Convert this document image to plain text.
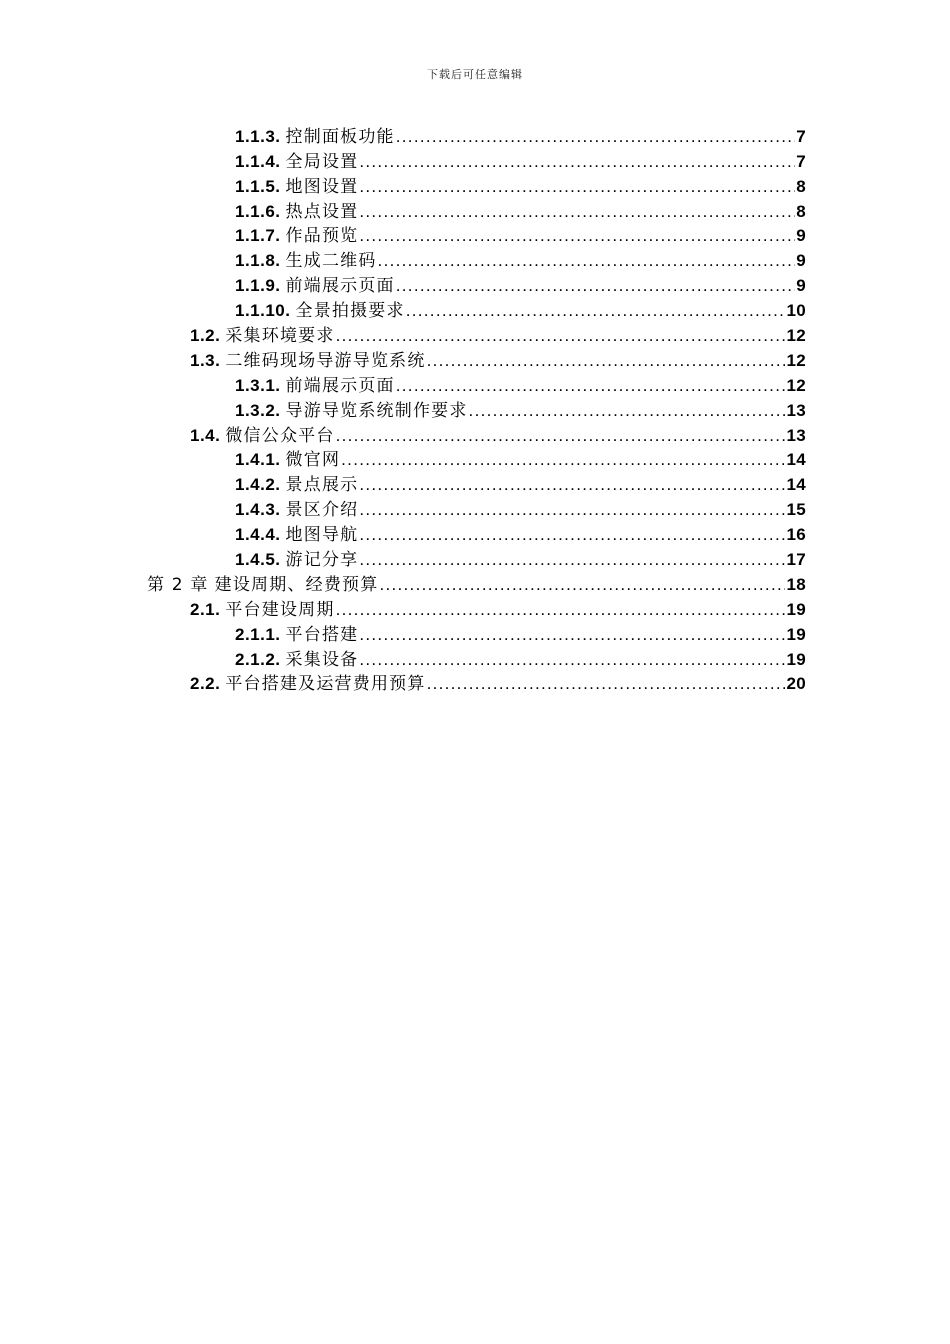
下载后可任意编辑
1.1.3. 控制面板功能 .....	7
1.1.4. 全局设置 .....	7
1.1.5. 地图设置 .....	8
1.1.6. 热点设置 .....	8
1.1.7. 作品预览 .....	9
1.1.8. 生成二维码 .....	9
1.1.9. 前端展示页面 .....	9
1.1.10. 全景拍摄要求 .....	10
1.2. 采集环境要求 .....	12
1.3. 二维码现场导游导览系统 .....	12
1.3.1. 前端展示页面 .....	12
1.3.2. 导游导览系统制作要求 .....	13
1.4. 微信公众平台 .....	13
1.4.1. 微官网 .....	14
1.4.2. 景点展示 .....	14
1.4.3. 景区介绍 .....	15
1.4.4. 地图导航 .....	16
1.4.5. 游记分享 .....	17
第 2 章 建设周期、经费预算 .....	18
2.1. 平台建设周期 .....	19
2.1.1. 平台搭建 .....	19
2.1.2. 采集设备 .....	19
2.2. 平台搭建及运营费用预算 .....	20
